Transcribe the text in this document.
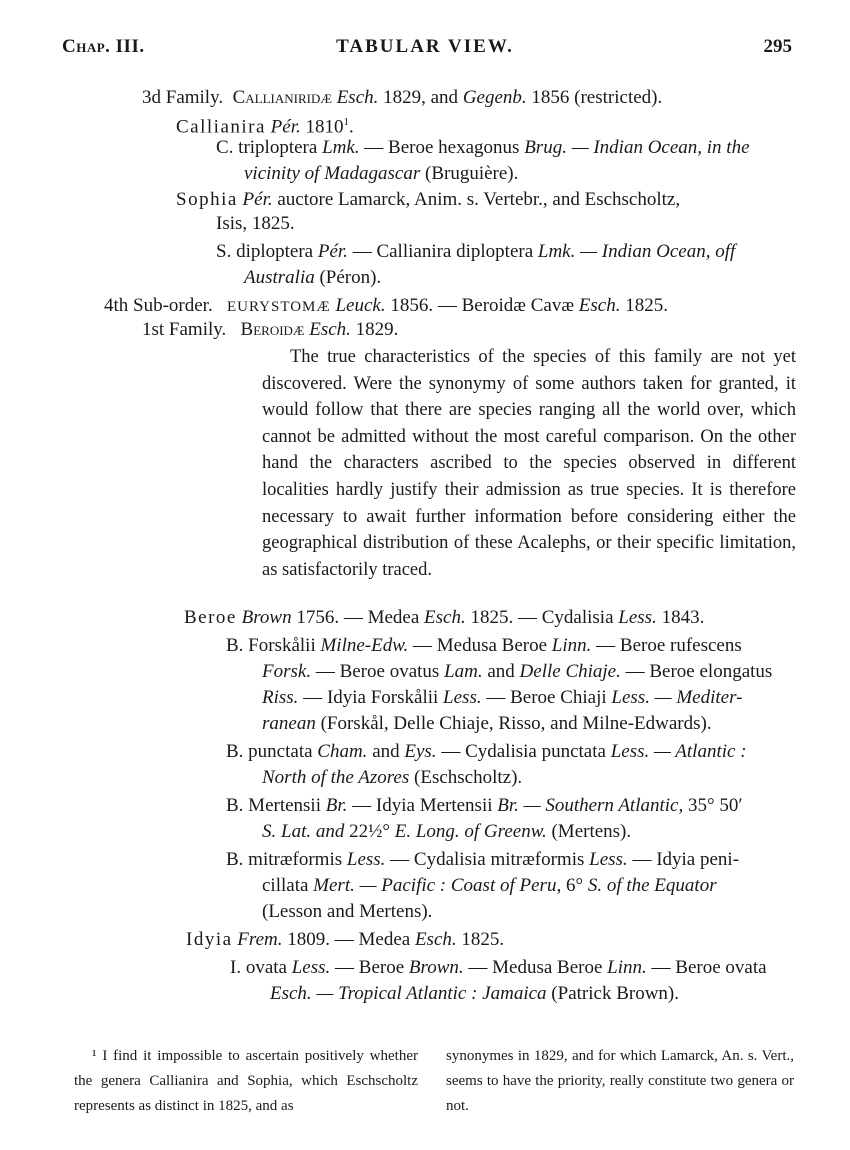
Chap. III.	TABULAR VIEW.	295
3d Family. Callianiridæ Esch. 1829, and Gegenb. 1856 (restricted).
Callianira Pér. 1810$^1$.
C. triploptera Lmk. — Beroe hexagonus Brug. — Indian Ocean, in the
vicinity of Madagascar (Bruguière).
Sophia Pér. auctore Lamarck, Anim. s. Vertebr., and Eschscholtz,
Isis, 1825.
S. diploptera Pér. — Callianira diploptera Lmk. — Indian Ocean, off
Australia (Péron).
4th Sub-order. EURYSTOMÆ Leuck. 1856. — Beroidæ Cavæ Esch. 1825.
1st Family. Beroidæ Esch. 1829.
The true characteristics of the species of this family are not yet discovered. Were the synonymy of some authors taken for granted, it would follow that there are species ranging all the world over, which cannot be admitted without the most careful comparison. On the other hand the characters ascribed to the species observed in different localities hardly justify their admission as true species. It is therefore necessary to await further information before considering either the geographical distribution of these Acalephs, or their specific limitation, as satisfactorily traced.
Beroe Brown 1756. — Medea Esch. 1825. — Cydalisia Less. 1843.
B. Forskålii Milne-Edw. — Medusa Beroe Linn. — Beroe rufescens
Forsk. — Beroe ovatus Lam. and Delle Chiaje. — Beroe elongatus
Riss. — Idyia Forskålii Less. — Beroe Chiaji Less. — Mediter-
ranean (Forskål, Delle Chiaje, Risso, and Milne-Edwards).
B. punctata Cham. and Eys. — Cydalisia punctata Less. — Atlantic :
North of the Azores (Eschscholtz).
B. Mertensii Br. — Idyia Mertensii Br. — Southern Atlantic, 35° 50′
S. Lat. and 22½° E. Long. of Greenw. (Mertens).
B. mitræformis Less. — Cydalisia mitræformis Less. — Idyia peni-
cillata Mert. — Pacific : Coast of Peru, 6° S. of the Equator
(Lesson and Mertens).
Idyia Frem. 1809. — Medea Esch. 1825.
I. ovata Less. — Beroe Brown. — Medusa Beroe Linn. — Beroe ovata
Esch. — Tropical Atlantic : Jamaica (Patrick Brown).
¹ I find it impossible to ascertain positively whether the genera Callianira and Sophia, which Eschscholtz represents as distinct in 1825, and as
synonymes in 1829, and for which Lamarck, An. s. Vert., seems to have the priority, really constitute two genera or not.
